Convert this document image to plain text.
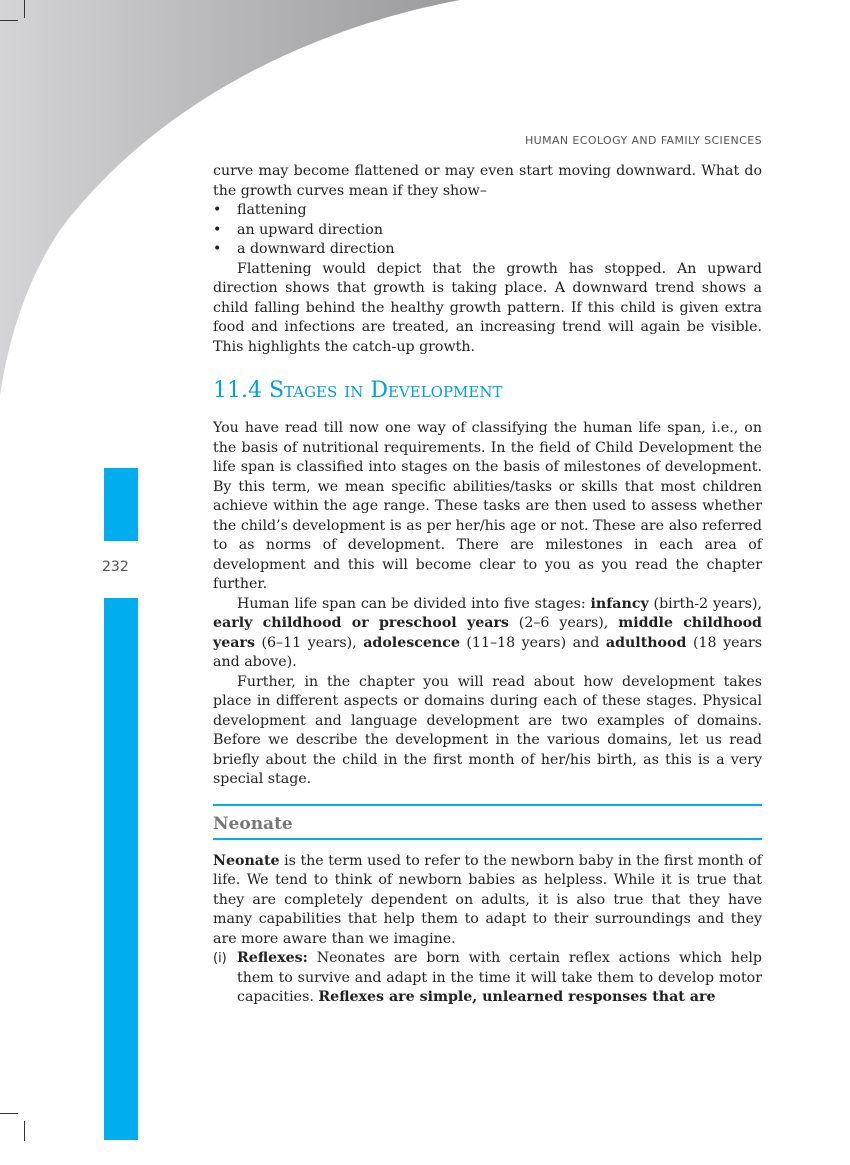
232
HUMAN ECOLOGY AND FAMILY SCIENCES

curve may become flattened or may even start moving downward. What do the growth curves mean if they show–

• flattening
• an upward direction
• a downward direction

Flattening would depict that the growth has stopped. An upward direction shows that growth is taking place. A downward trend shows a child falling behind the healthy growth pattern. If this child is given extra food and infections are treated, an increasing trend will again be visible. This highlights the catch-up growth.

11.4 Stages in Development

You have read till now one way of classifying the human life span, i.e., on the basis of nutritional requirements. In the field of Child Development the life span is classified into stages on the basis of milestones of development. By this term, we mean specific abilities/tasks or skills that most children achieve within the age range. These tasks are then used to assess whether the child’s development is as per her/his age or not. These are also referred to as norms of development. There are milestones in each area of development and this will become clear to you as you read the chapter further.

Human life span can be divided into five stages: infancy (birth-2 years), early childhood or preschool years (2–6 years), middle childhood years (6–11 years), adolescence (11–18 years) and adulthood (18 years and above).

Further, in the chapter you will read about how development takes place in different aspects or domains during each of these stages. Physical development and language development are two examples of domains. Before we describe the development in the various domains, let us read briefly about the child in the first month of her/his birth, as this is a very special stage.

Neonate

Neonate is the term used to refer to the newborn baby in the first month of life. We tend to think of newborn babies as helpless. While it is true that they are completely dependent on adults, it is also true that they have many capabilities that help them to adapt to their surroundings and they are more aware than we imagine.

(i) Reflexes: Neonates are born with certain reflex actions which help them to survive and adapt in the time it will take them to develop motor capacities. Reflexes are simple, unlearned responses that are
